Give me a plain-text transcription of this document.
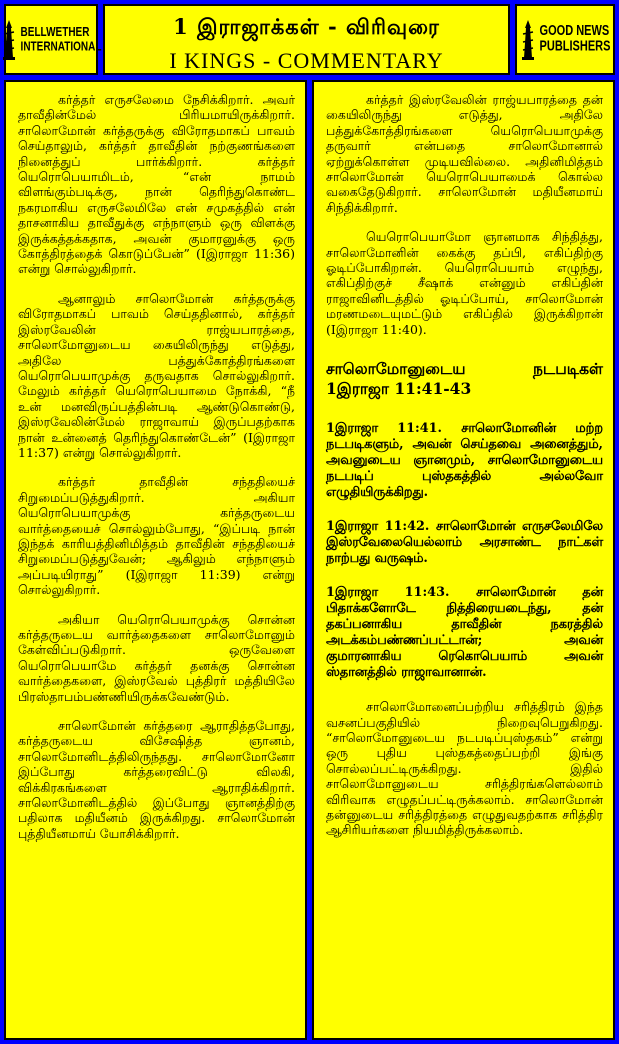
BELLWETHER
INTERNATIONAL
1 இராஜாக்கள் - விரிவுரை
I KINGS - COMMENTARY
GOOD NEWS
PUBLISHERS

கர்த்தர் எருசலேமை நேசிக்கிறார். அவர் தாவீதின்மேல் பிரியமாயிருக்கிறார். சாலொமோன் கர்த்தருக்கு விரோதமாகப் பாவம் செய்தாலும், கர்த்தர் தாவீதின் நற்குணங்களை நினைத்துப் பார்க்கிறார். கர்த்தர் யெரொபெயாமிடம், “என் நாமம் விளங்கும்படிக்கு, நான் தெரிந்துகொண்ட நகரமாகிய எருசலேமிலே என் சமுகத்தில் என் தாசனாகிய தாவீதுக்கு எந்நாளும் ஒரு விளக்கு இருக்கத்தக்கதாக, அவன் குமாரனுக்கு ஒரு கோத்திரத்தைக் கொடுப்பேன்” (Iஇராஜா 11:36) என்று சொல்லுகிறார்.

ஆனாலும் சாலொமோன் கர்த்தருக்கு விரோதமாகப் பாவம் செய்ததினால், கர்த்தர் இஸ்ரவேலின் ராஜ்யபாரத்தை, சாலொமோனுடைய கையிலிருந்து எடுத்து, அதிலே பத்துக்கோத்திரங்களை யெரொபெயாமுக்கு தருவதாக சொல்லுகிறார். மேலும் கர்த்தர் யெரொபெயாமை நோக்கி, “நீ உன் மனவிருப்பத்தின்படி ஆண்டுகொண்டு, இஸ்ரவேலின்மேல் ராஜாவாய் இருப்பதற்காக நான் உன்னைத் தெரிந்துகொண்டேன்” (Iஇராஜா 11:37) என்று சொல்லுகிறார்.

கர்த்தர் தாவீதின் சந்ததியைச் சிறுமைப்படுத்துகிறார். அகியா யெரொபெயாமுக்கு கர்த்தருடைய வார்த்தையைச் சொல்லும்போது, “இப்படி நான் இந்தக் காரியத்தினிமித்தம் தாவீதின் சந்ததியைச் சிறுமைப்படுத்துவேன்; ஆகிலும் எந்நாளும் அப்படியிராது” (Iஇராஜா 11:39) என்று சொல்லுகிறார்.

அகியா யெரொபெயாமுக்கு சொன்ன கர்த்தருடைய வார்த்தைகளை சாலொமோனும் கேள்விப்படுகிறார். ஒருவேளை யெரொபெயாமே கர்த்தர் தனக்கு சொன்ன வார்த்தைகளை, இஸ்ரவேல் புத்திரர் மத்தியிலே பிரஸ்தாபம்பண்ணியிருக்கவேண்டும்.

சாலொமோன் கர்த்தரை ஆராதித்தபோது, கர்த்தருடைய விசேஷித்த ஞானம், சாலொமோனிடத்திலிருந்தது. சாலொமோனோ இப்போது கர்த்தரைவிட்டு விலகி, விக்கிரகங்களை ஆராதிக்கிறார். சாலொமோனிடத்தில் இப்போது ஞானத்திற்கு பதிலாக மதியீனம் இருக்கிறது. சாலொமோன் புத்தியீனமாய் யோசிக்கிறார்.

கர்த்தர் இஸ்ரவேலின் ராஜ்யபாரத்தை தன் கையிலிருந்து எடுத்து, அதிலே பத்துக்கோத்திரங்களை யெரொபெயாமுக்கு தருவார் என்பதை சாலொமோனால் ஏற்றுக்கொள்ள முடியவில்லை. அதினிமித்தம் சாலொமோன் யெரொபெயாமைக் கொல்ல வகைதேடுகிறார். சாலொமோன் மதியீனமாய் சிந்திக்கிறார்.

யெரொபெயாமோ ஞானமாக சிந்தித்து, சாலொமோனின் கைக்கு தப்பி, எகிப்திற்கு ஓடிப்போகிறான். யெரொபெயாம் எழுந்து, எகிப்திற்குச் சீஷாக் என்னும் எகிப்தின் ராஜாவினிடத்தில் ஓடிப்போய், சாலொமோன் மரணமடையுமட்டும் எகிப்தில் இருக்கிறான் (Iஇராஜா 11:40).

சாலொமோனுடைய நடபடிகள் 1இராஜா 11:41-43

1இராஜா 11:41. சாலொமோனின் மற்ற நடபடிகளும், அவன் செய்தவை அனைத்தும், அவனுடைய ஞானமும், சாலொமோனுடைய நடபடிப் புஸ்தகத்தில் அல்லவோ எழுதியிருக்கிறது.

1இராஜா 11:42. சாலொமோன் எருசலேமிலே இஸ்ரவேலையெல்லாம் அரசாண்ட நாட்கள் நாற்பது வருஷம்.

1இராஜா 11:43. சாலொமோன் தன் பிதாக்களோடே நித்திரையடைந்து, தன் தகப்பனாகிய தாவீதின் நகரத்தில் அடக்கம்பண்ணப்பட்டான்; அவன் குமாரனாகிய ரெகொபெயாம் அவன் ஸ்தானத்தில் ராஜாவானான்.

சாலொமோனைப்பற்றிய சரித்திரம் இந்த வசனப்பகுதியில் நிறைவுபெறுகிறது. “சாலொமோனுடைய நடபடிப்புஸ்தகம்” என்று ஒரு புதிய புஸ்தகத்தைப்பற்றி இங்கு சொல்லப்பட்டிருக்கிறது. இதில் சாலொமோனுடைய சரித்திரங்களெல்லாம் விரிவாக எழுதப்பட்டிருக்கலாம். சாலொமோன் தன்னுடைய சரித்திரத்தை எழுதுவதற்காக சரித்திர ஆசிரியர்களை நியமித்திருக்கலாம்.
